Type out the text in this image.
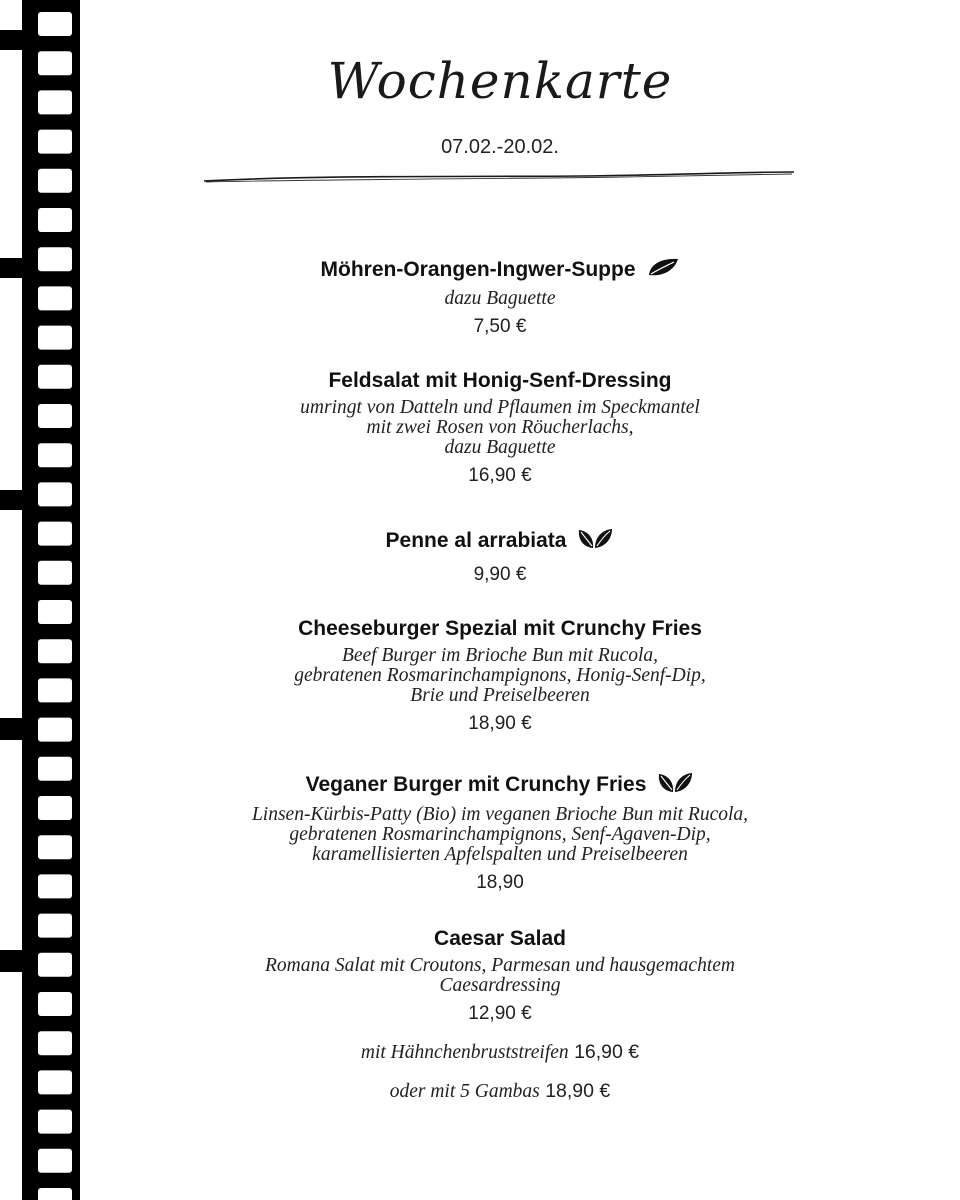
Wochenkarte
07.02.-20.02.
Möhren-Orangen-Ingwer-Suppe
dazu Baguette
7,50 €
Feldsalat mit Honig-Senf-Dressing
umringt von Datteln und Pflaumen im Speckmantel
mit zwei Rosen von Röucherlachs,
dazu Baguette
16,90 €
Penne al arrabiata
9,90 €
Cheeseburger Spezial mit Crunchy Fries
Beef Burger im Brioche Bun mit Rucola,
gebratenen Rosmarinchampignons, Honig-Senf-Dip,
Brie und Preiselbeeren
18,90 €
Veganer Burger mit Crunchy Fries
Linsen-Kürbis-Patty (Bio) im veganen Brioche Bun mit Rucola,
gebratenen Rosmarinchampignons, Senf-Agaven-Dip,
karamellisierten Apfelspalten und Preiselbeeren
18,90
Caesar Salad
Romana Salat mit Croutons, Parmesan und hausgemachtem
Caesardressing
12,90 €
mit Hähnchenbruststreifen 16,90 €
oder mit 5 Gambas 18,90 €
